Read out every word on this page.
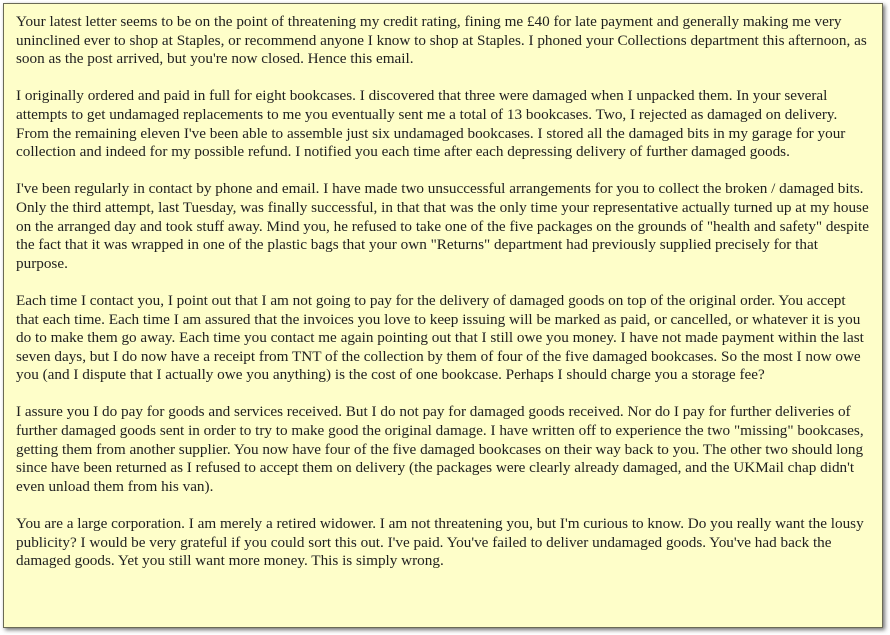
Your latest letter seems to be on the point of threatening my credit rating, fining me £40 for late payment and generally making me very uninclined ever to shop at Staples, or recommend anyone I know to shop at Staples. I phoned your Collections department this afternoon, as soon as the post arrived, but you're now closed. Hence this email.

I originally ordered and paid in full for eight bookcases. I discovered that three were damaged when I unpacked them. In your several attempts to get undamaged replacements to me you eventually sent me a total of 13 bookcases. Two, I rejected as damaged on delivery. From the remaining eleven I've been able to assemble just six undamaged bookcases. I stored all the damaged bits in my garage for your collection and indeed for my possible refund. I notified you each time after each depressing delivery of further damaged goods.

I've been regularly in contact by phone and email. I have made two unsuccessful arrangements for you to collect the broken / damaged bits. Only the third attempt, last Tuesday, was finally successful, in that that was the only time your representative actually turned up at my house on the arranged day and took stuff away. Mind you, he refused to take one of the five packages on the grounds of "health and safety" despite the fact that it was wrapped in one of the plastic bags that your own "Returns" department had previously supplied precisely for that purpose.

Each time I contact you, I point out that I am not going to pay for the delivery of damaged goods on top of the original order. You accept that each time. Each time I am assured that the invoices you love to keep issuing will be marked as paid, or cancelled, or whatever it is you do to make them go away. Each time you contact me again pointing out that I still owe you money. I have not made payment within the last seven days, but I do now have a receipt from TNT of the collection by them of four of the five damaged bookcases. So the most I now owe you (and I dispute that I actually owe you anything) is the cost of one bookcase. Perhaps I should charge you a storage fee?

I assure you I do pay for goods and services received. But I do not pay for damaged goods received. Nor do I pay for further deliveries of further damaged goods sent in order to try to make good the original damage. I have written off to experience the two "missing" bookcases, getting them from another supplier. You now have four of the five damaged bookcases on their way back to you. The other two should long since have been returned as I refused to accept them on delivery (the packages were clearly already damaged, and the UKMail chap didn't even unload them from his van).

You are a large corporation. I am merely a retired widower. I am not threatening you, but I'm curious to know. Do you really want the lousy publicity? I would be very grateful if you could sort this out. I've paid. You've failed to deliver undamaged goods. You've had back the damaged goods. Yet you still want more money. This is simply wrong.
